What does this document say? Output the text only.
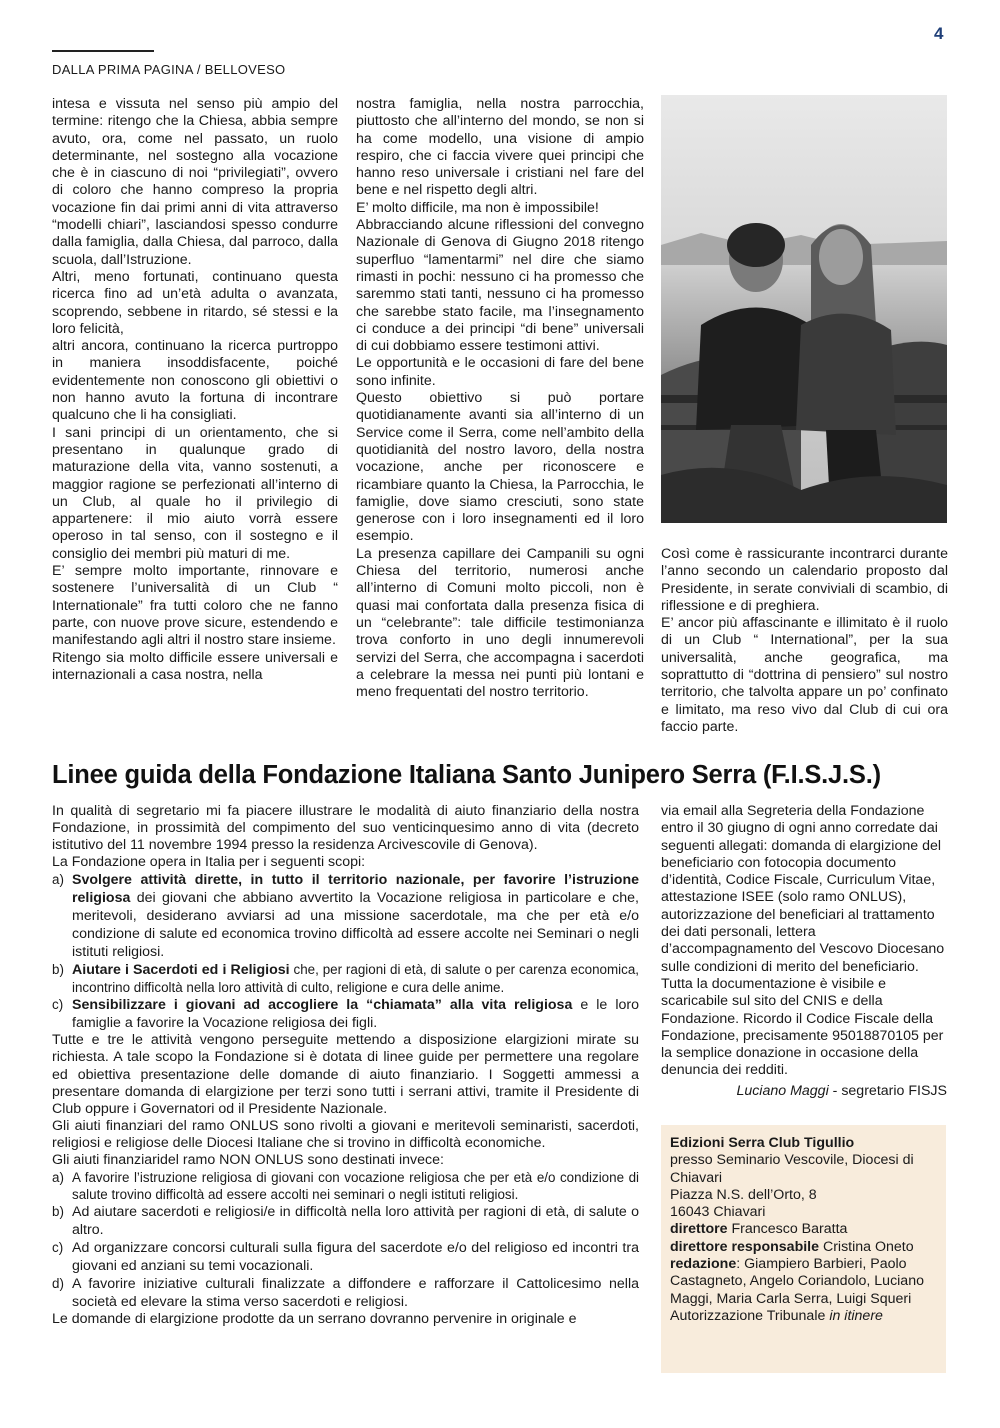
4
DALLA PRIMA PAGINA / BELLOVESO

intesa e vissuta nel senso più ampio del termine: ritengo che la Chiesa, abbia sempre avuto, ora, come nel passato, un ruolo determinante, nel sostegno alla vocazione che è in ciascuno di noi “privilegiati”, ovvero di coloro che hanno compreso la propria vocazione fin dai primi anni di vita attraverso “modelli chiari”, lasciandosi spesso condurre dalla famiglia, dalla Chiesa, dal parroco, dalla scuola, dall’Istruzione.

Altri, meno fortunati, continuano questa ricerca fino ad un’età adulta o avanzata, scoprendo, sebbene in ritardo, sé stessi e la loro felicità,

altri ancora, continuano la ricerca purtroppo in maniera insoddisfacente, poiché evidentemente non conoscono gli obiettivi o non hanno avuto la fortuna di incontrare qualcuno che li ha consigliati.

I sani principi di un orientamento, che si presentano in qualunque grado di maturazione della vita, vanno sostenuti, a maggior ragione se perfezionati all’interno di un Club, al quale ho il privilegio di appartenere: il mio aiuto vorrà essere operoso in tal senso, con il sostegno e il consiglio dei membri più maturi di me.

E’ sempre molto importante, rinnovare e sostenere l’universalità di un Club “ Internationale” fra tutti coloro che ne fanno parte, con nuove prove sicure, estendendo e manifestando agli altri il nostro stare insieme.

Ritengo sia molto difficile essere universali e internazionali a casa nostra, nella

nostra famiglia, nella nostra parrocchia, piuttosto che all’interno del mondo, se non si ha come modello, una visione di ampio respiro, che ci faccia vivere quei principi che hanno reso universale i cristiani nel fare del bene e nel rispetto degli altri.

E’ molto difficile, ma non è impossibile!

Abbracciando alcune riflessioni del convegno Nazionale di Genova di Giugno 2018 ritengo superfluo “lamentarmi” nel dire che siamo rimasti in pochi: nessuno ci ha promesso che saremmo stati tanti, nessuno ci ha promesso che sarebbe stato facile, ma l’insegnamento ci conduce a dei principi “di bene” universali di cui dobbiamo essere testimoni attivi.

Le opportunità e le occasioni di fare del bene sono infinite.

Questo obiettivo si può portare quotidianamente avanti sia all’interno di un Service come il Serra, come nell’ambito della quotidianità del nostro lavoro, della nostra vocazione, anche per riconoscere e ricambiare quanto la Chiesa, la Parrocchia, le famiglie, dove siamo cresciuti, sono state generose con i loro insegnamenti ed il loro esempio.

La presenza capillare dei Campanili su ogni Chiesa del territorio, numerosi anche all’interno di Comuni molto piccoli, non è quasi mai confortata dalla presenza fisica di un “celebrante”: tale difficile testimonianza trova conforto in uno degli innumerevoli servizi del Serra, che accompagna i sacerdoti a celebrare la messa nei punti più lontani e meno frequentati del nostro territorio.

Così come è rassicurante incontrarci durante l’anno secondo un calendario proposto dal Presidente, in serate conviviali di scambio, di riflessione e di preghiera.

E’ ancor più affascinante e illimitato è il ruolo di un Club “ International”, per la sua universalità, anche geografica, ma soprattutto di “dottrina di pensiero” sul nostro territorio, che talvolta appare un po’ confinato e limitato, ma reso vivo dal Club di cui ora faccio parte.

Linee guida della Fondazione Italiana Santo Junipero Serra (F.I.S.J.S.)

In qualità di segretario mi fa piacere illustrare le modalità di aiuto finanziario della nostra Fondazione, in prossimità del compimento del suo venticinquesimo anno di vita (decreto istitutivo del 11 novembre 1994 presso la residenza Arcivescovile di Genova).

La Fondazione opera in Italia per i seguenti scopi:

a) Svolgere attività dirette, in tutto il territorio nazionale, per favorire l’istruzione religiosa dei giovani che abbiano avvertito la Vocazione religiosa in particolare e che, meritevoli, desiderano avviarsi ad una missione sacerdotale, ma che per età e/o condizione di salute ed economica trovino difficoltà ad essere accolte nei Seminari o negli istituti religiosi.
b) Aiutare i Sacerdoti ed i Religiosi che, per ragioni di età, di salute o per carenza economica, incontrino difficoltà nella loro attività di culto, religione e cura delle anime.
c) Sensibilizzare i giovani ad accogliere la “chiamata” alla vita religiosa e le loro famiglie a favorire la Vocazione religiosa dei figli.

Tutte e tre le attività vengono perseguite mettendo a disposizione elargizioni mirate su richiesta. A tale scopo la Fondazione si è dotata di linee guide per permettere una regolare ed obiettiva presentazione delle domande di aiuto finanziario. I Soggetti ammessi a presentare domanda di elargizione per terzi sono tutti i serrani attivi, tramite il Presidente di Club oppure i Governatori od il Presidente Nazionale.

Gli aiuti finanziari del ramo ONLUS sono rivolti a giovani e meritevoli seminaristi, sacerdoti, religiosi e religiose delle Diocesi Italiane che si trovino in difficoltà economiche.

Gli aiuti finanziaridel ramo NON ONLUS sono destinati invece:

a) A favorire l’istruzione religiosa di giovani con vocazione religiosa che per età e/o condizione di salute trovino difficoltà ad essere accolti nei seminari o negli istituti religiosi.
b) Ad aiutare sacerdoti e religiosi/e in difficoltà nella loro attività per ragioni di età, di salute o altro.
c) Ad organizzare concorsi culturali sulla figura del sacerdote e/o del religioso ed incontri tra giovani ed anziani su temi vocazionali.
d) A favorire iniziative culturali finalizzate a diffondere e rafforzare il Cattolicesimo nella società ed elevare la stima verso sacerdoti e religiosi.

Le domande di elargizione prodotte da un serrano dovranno pervenire in originale e

via email alla Segreteria della Fondazione entro il 30 giugno di ogni anno corredate dai seguenti allegati: domanda di elargizione del beneficiario con fotocopia documento d’identità, Codice Fiscale, Curriculum Vitae, attestazione ISEE (solo ramo ONLUS), autorizzazione del beneficiari al trattamento dei dati personali, lettera d’accompagnamento del Vescovo Diocesano sulle condizioni di merito del beneficiario. Tutta la documentazione è visibile e scaricabile sul sito del CNIS e della Fondazione. Ricordo il Codice Fiscale della Fondazione, precisamente 95018870105 per la semplice donazione in occasione della denuncia dei redditi.

Luciano Maggi - segretario FISJS

Edizioni Serra Club Tigullio

presso Seminario Vescovile, Diocesi di Chiavari

Piazza N.S. dell’Orto, 8

16043 Chiavari

direttore Francesco Baratta

direttore responsabile Cristina Oneto

redazione: Giampiero Barbieri, Paolo Castagneto, Angelo Coriandolo, Luciano Maggi, Maria Carla Serra, Luigi Squeri

Autorizzazione Tribunale in itinere
